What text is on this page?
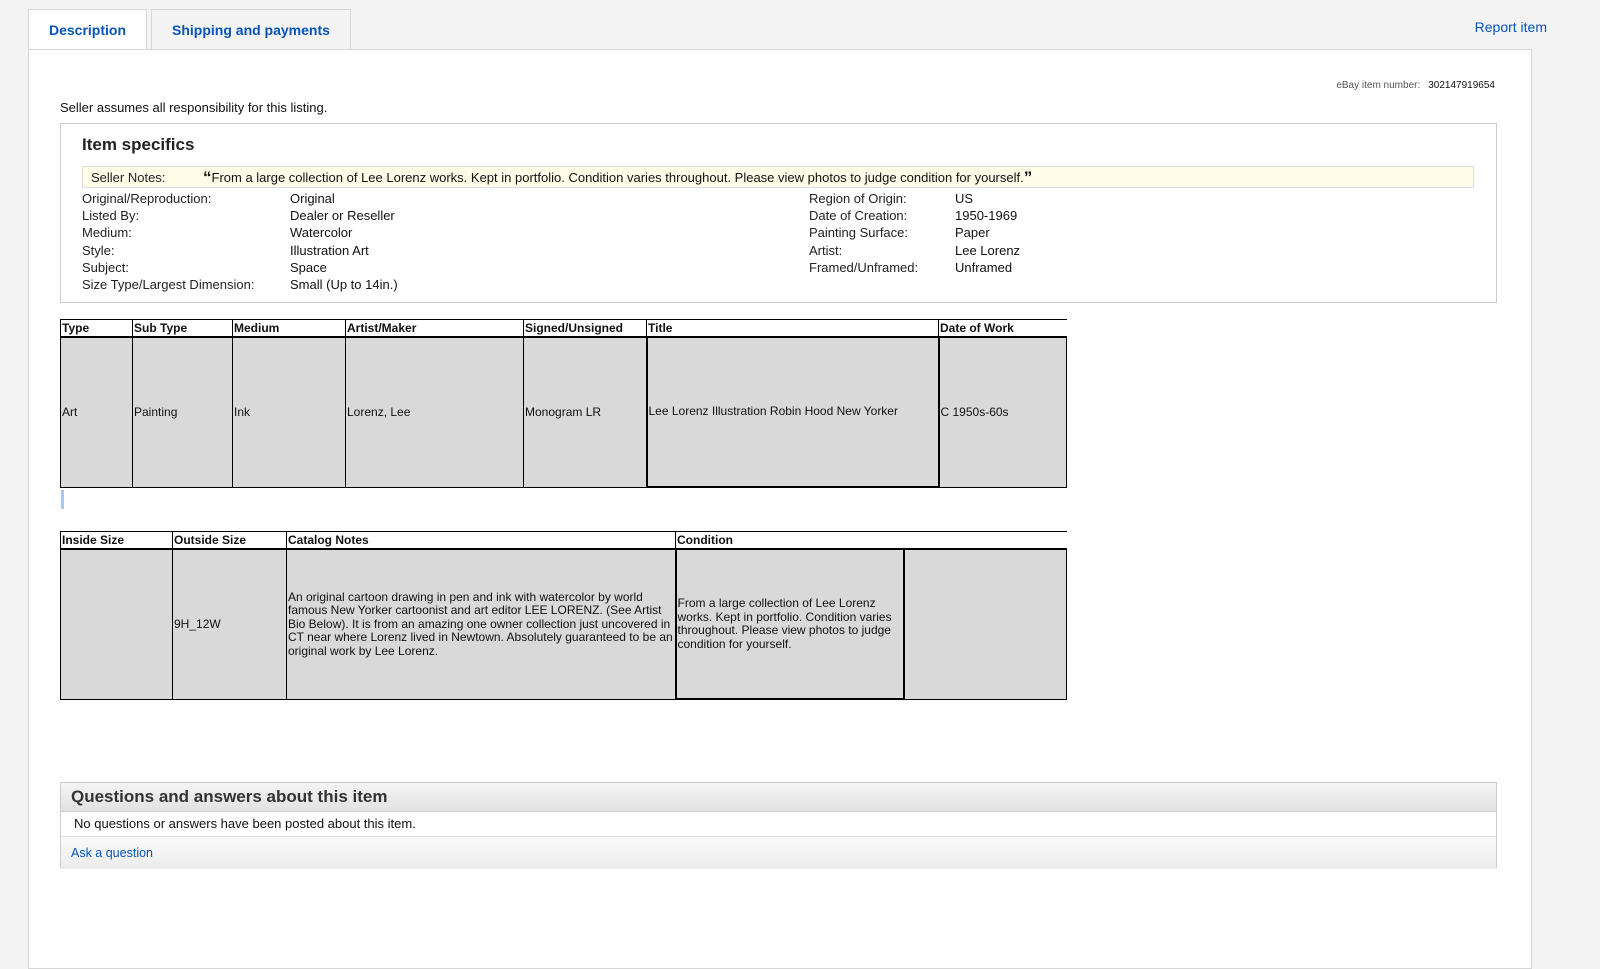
Description	Shipping and payments	Report item
eBay item number: 302147919654
Seller assumes all responsibility for this listing.
Item specifics
Seller Notes: “From a large collection of Lee Lorenz works. Kept in portfolio. Condition varies throughout. Please view photos to judge condition for yourself.”
Original/Reproduction:	Original
Listed By:	Dealer or Reseller
Medium:	Watercolor
Style:	Illustration Art
Subject:	Space
Size Type/Largest Dimension:	Small (Up to 14in.)
Region of Origin:	US
Date of Creation:	1950-1969
Painting Surface:	Paper
Artist:	Lee Lorenz
Framed/Unframed:	Unframed
Type	Sub Type	Medium	Artist/Maker	Signed/Unsigned	Title	Date of Work
Art	Painting	Ink	Lorenz, Lee	Monogram LR	Lee Lorenz Illustration Robin Hood New Yorker	C 1950s-60s
Inside Size	Outside Size	Catalog Notes	Condition	
	9H_12W	An original cartoon drawing in pen and ink with watercolor by world famous New Yorker cartoonist and art editor LEE LORENZ. (See Artist Bio Below). It is from an amazing one owner collection just uncovered in CT near where Lorenz lived in Newtown. Absolutely guaranteed to be an original work by Lee Lorenz.	From a large collection of Lee Lorenz works. Kept in portfolio. Condition varies throughout. Please view photos to judge condition for yourself.	
Questions and answers about this item
No questions or answers have been posted about this item.
Ask a question
